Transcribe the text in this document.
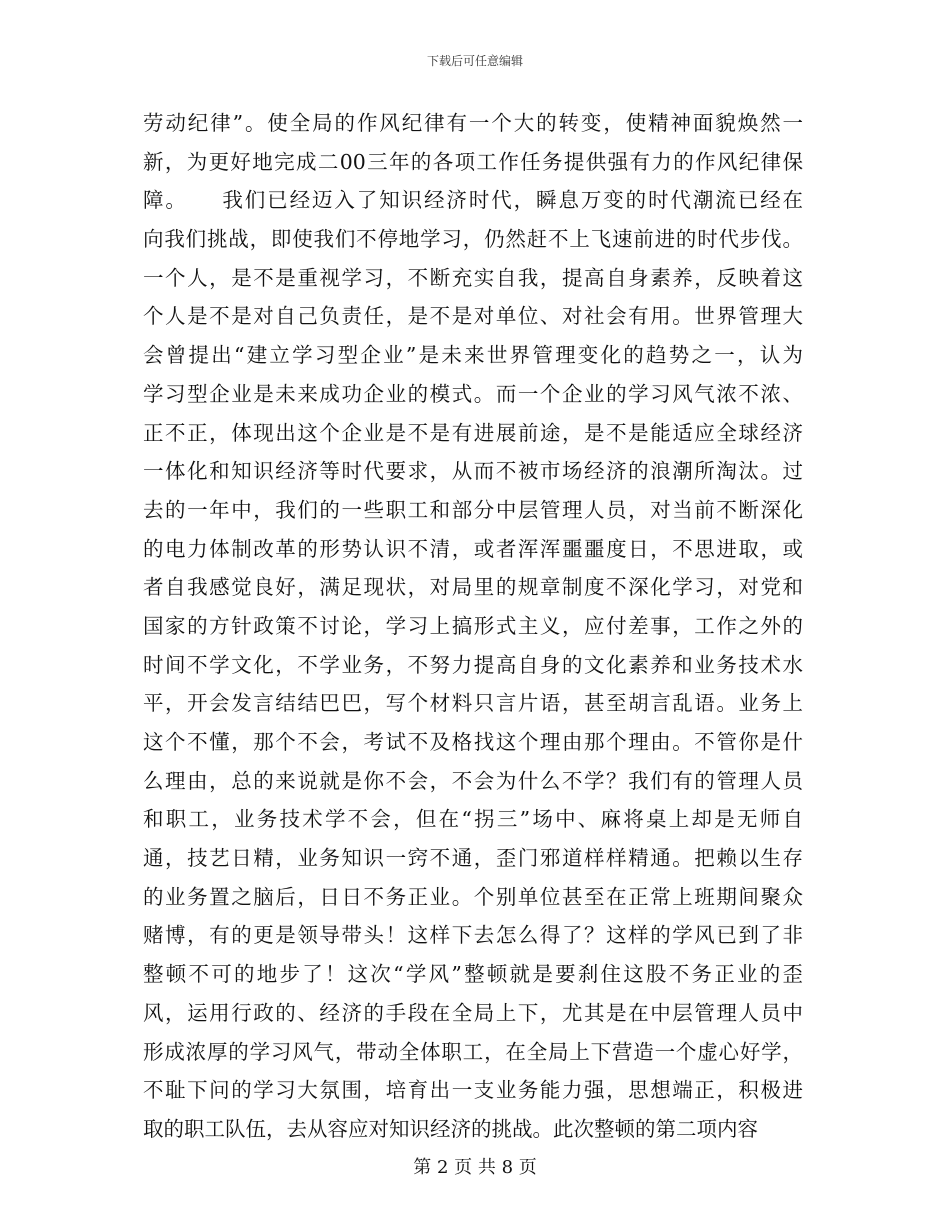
下载后可任意编辑
劳动纪律”。使全局的作风纪律有一个大的转变，使精神面貌焕然一
新，为更好地完成二00三年的各项工作任务提供强有力的作风纪律保
障。　　我们已经迈入了知识经济时代，瞬息万变的时代潮流已经在
向我们挑战，即使我们不停地学习，仍然赶不上飞速前进的时代步伐。
一个人，是不是重视学习，不断充实自我，提高自身素养，反映着这
个人是不是对自己负责任，是不是对单位、对社会有用。世界管理大
会曾提出“建立学习型企业”是未来世界管理变化的趋势之一，认为
学习型企业是未来成功企业的模式。而一个企业的学习风气浓不浓、
正不正，体现出这个企业是不是有进展前途，是不是能适应全球经济
一体化和知识经济等时代要求，从而不被市场经济的浪潮所淘汰。过
去的一年中，我们的一些职工和部分中层管理人员，对当前不断深化
的电力体制改革的形势认识不清，或者浑浑噩噩度日，不思进取，或
者自我感觉良好，满足现状，对局里的规章制度不深化学习，对党和
国家的方针政策不讨论，学习上搞形式主义，应付差事，工作之外的
时间不学文化，不学业务，不努力提高自身的文化素养和业务技术水
平，开会发言结结巴巴，写个材料只言片语，甚至胡言乱语。业务上
这个不懂，那个不会，考试不及格找这个理由那个理由。不管你是什
么理由，总的来说就是你不会，不会为什么不学？我们有的管理人员
和职工，业务技术学不会，但在“拐三”场中、麻将桌上却是无师自
通，技艺日精，业务知识一窍不通，歪门邪道样样精通。把赖以生存
的业务置之脑后，日日不务正业。个别单位甚至在正常上班期间聚众
赌博，有的更是领导带头！这样下去怎么得了？这样的学风已到了非
整顿不可的地步了！这次“学风”整顿就是要刹住这股不务正业的歪
风，运用行政的、经济的手段在全局上下，尤其是在中层管理人员中
形成浓厚的学习风气，带动全体职工，在全局上下营造一个虚心好学，
不耻下问的学习大氛围，培育出一支业务能力强，思想端正，积极进
取的职工队伍，去从容应对知识经济的挑战。此次整顿的第二项内容
第 2 页 共 8 页
